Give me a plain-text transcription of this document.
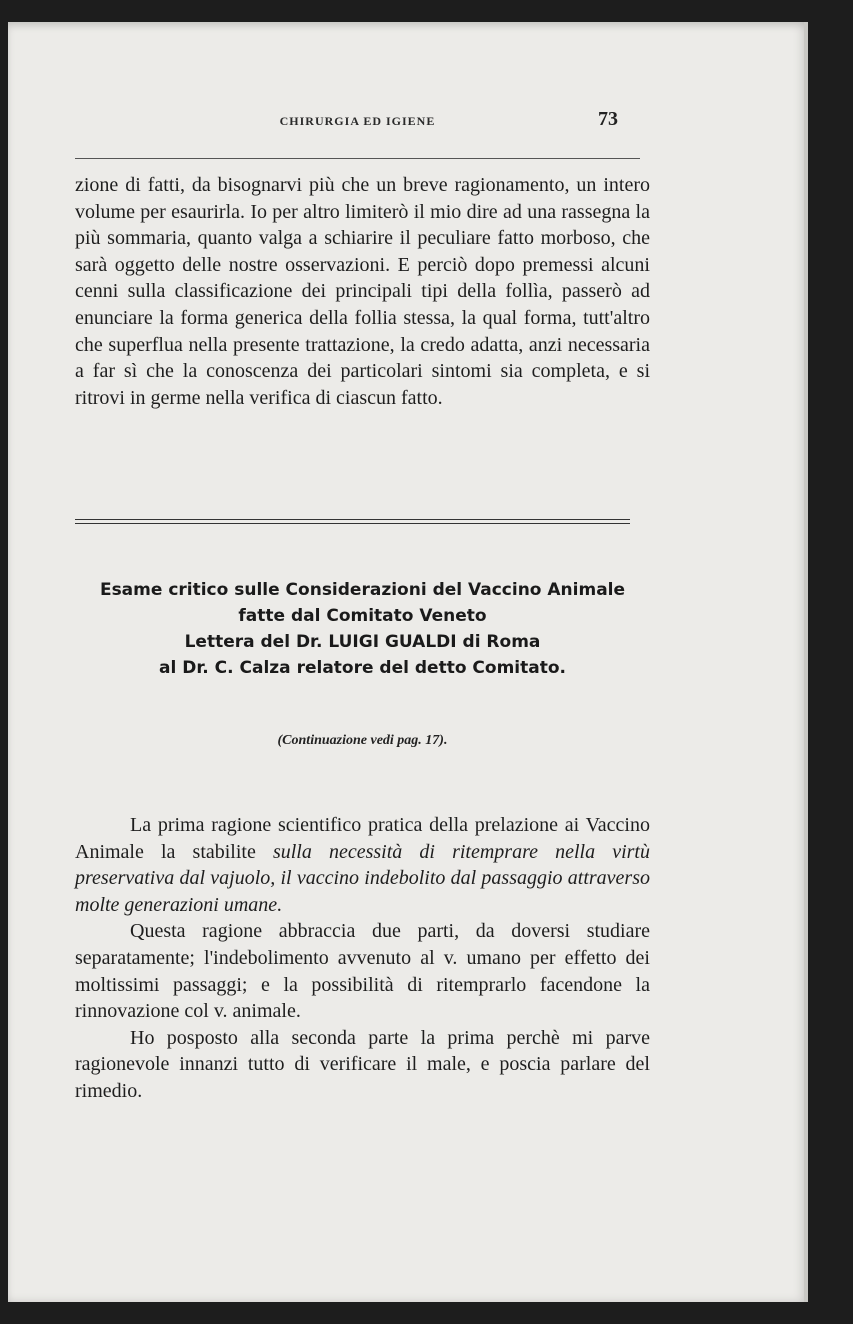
CHIRURGIA ED IGIENE	73

zione di fatti, da bisognarvi più che un breve ragionamento, un intero volume per esaurirla. Io per altro limiterò il mio dire ad una rassegna la più sommaria, quanto valga a schiarire il peculiare fatto morboso, che sarà oggetto delle nostre osservazioni. E perciò dopo premessi alcuni cenni sulla classificazione dei principali tipi della follìa, passerò ad enunciare la forma generica della follia stessa, la qual forma, tutt'altro che superflua nella presente trattazione, la credo adatta, anzi necessaria a far sì che la conoscenza dei particolari sintomi sia completa, e si ritrovi in germe nella verifica di ciascun fatto.

Esame critico sulle Considerazioni del Vaccino Animale
fatte dal Comitato Veneto
Lettera del Dr. LUIGI GUALDI di Roma
al Dr. C. Calza relatore del detto Comitato.
(Continuazione vedi pag. 17).

La prima ragione scientifico pratica della prelazione ai Vaccino Animale la stabilite sulla necessità di ritemprare nella virtù preservativa dal vajuolo, il vaccino indebolito dal passaggio attraverso molte generazioni umane.

Questa ragione abbraccia due parti, da doversi studiare separatamente; l'indebolimento avvenuto al v. umano per effetto dei moltissimi passaggi; e la possibilità di ritemprarlo facendone la rinnovazione col v. animale.

Ho posposto alla seconda parte la prima perchè mi parve ragionevole innanzi tutto di verificare il male, e poscia parlare del rimedio.
